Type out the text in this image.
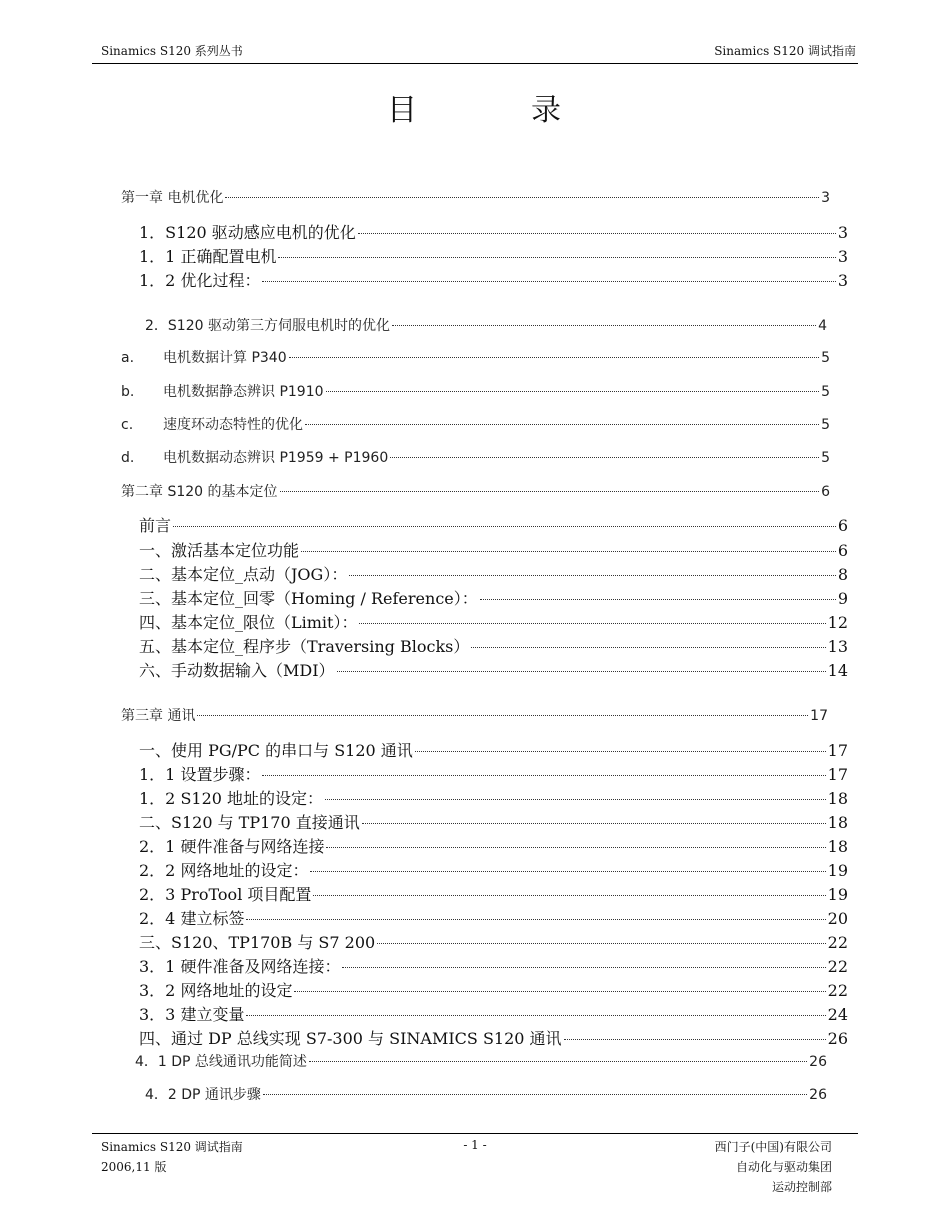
Sinamics S120 系列丛书	Sinamics S120 调试指南
目	录
第一章 电机优化	3
1．S120 驱动感应电机的优化	3
1．1 正确配置电机	3
1．2 优化过程：	3
2．S120 驱动第三方伺服电机时的优化	4
a. 电机数据计算 P340	5
b. 电机数据静态辨识 P1910	5
c. 速度环动态特性的优化	5
d. 电机数据动态辨识 P1959 + P1960	5
第二章 S120 的基本定位	6
前言	6
一、激活基本定位功能	6
二、基本定位_点动（JOG）：	8
三、基本定位_回零（Homing / Reference）：	9
四、基本定位_限位（Limit）：	12
五、基本定位_程序步（Traversing Blocks）	13
六、手动数据输入（MDI）	14
第三章 通讯	17
一、使用 PG/PC 的串口与 S120 通讯	17
1．1 设置步骤：	17
1．2 S120 地址的设定：	18
二、S120 与 TP170 直接通讯	18
2．1 硬件准备与网络连接	18
2．2 网络地址的设定：	19
2．3 ProTool 项目配置	19
2．4 建立标签	20
三、S120、TP170B 与 S7 200	22
3．1 硬件准备及网络连接：	22
3．2 网络地址的设定	22
3．3 建立变量	24
四、通过 DP 总线实现 S7-300 与 SINAMICS S120 通讯	26
4．1 DP 总线通讯功能简述	26
4．2 DP 通讯步骤	26
Sinamics S120 调试指南
2006,11 版
- 1 -	西门子(中国)有限公司
自动化与驱动集团
运动控制部
